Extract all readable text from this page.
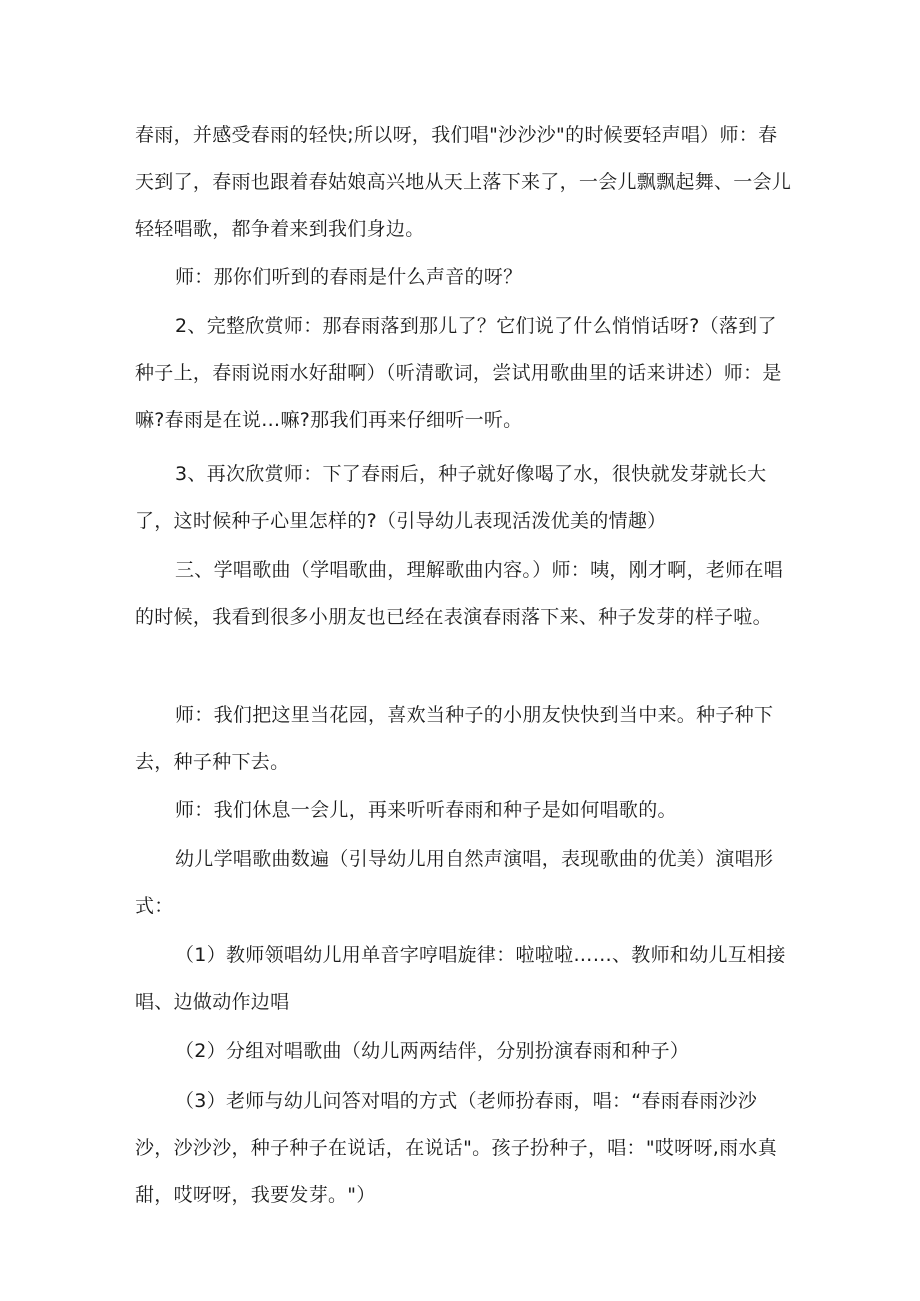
春雨，并感受春雨的轻快;所以呀，我们唱"沙沙沙"的时候要轻声唱）师：春天到了，春雨也跟着春姑娘高兴地从天上落下来了，一会儿飘飘起舞、一会儿轻轻唱歌，都争着来到我们身边。

师：那你们听到的春雨是什么声音的呀？

2、完整欣赏师：那春雨落到那儿了？它们说了什么悄悄话呀?（落到了种子上，春雨说雨水好甜啊）（听清歌词，尝试用歌曲里的话来讲述）师：是嘛?春雨是在说…嘛?那我们再来仔细听一听。

3、再次欣赏师：下了春雨后，种子就好像喝了水，很快就发芽就长大了，这时候种子心里怎样的?（引导幼儿表现活泼优美的情趣）

三、学唱歌曲（学唱歌曲，理解歌曲内容。）师：咦，刚才啊，老师在唱的时候，我看到很多小朋友也已经在表演春雨落下来、种子发芽的样子啦。

师：我们把这里当花园，喜欢当种子的小朋友快快到当中来。种子种下去，种子种下去。

师：我们休息一会儿，再来听听春雨和种子是如何唱歌的。

幼儿学唱歌曲数遍（引导幼儿用自然声演唱，表现歌曲的优美）演唱形式：

（1）教师领唱幼儿用单音字哼唱旋律：啦啦啦……、教师和幼儿互相接唱、边做动作边唱

（2）分组对唱歌曲（幼儿两两结伴，分别扮演春雨和种子）

（3）老师与幼儿问答对唱的方式（老师扮春雨，唱：“春雨春雨沙沙沙，沙沙沙，种子种子在说话，在说话"。孩子扮种子，唱："哎呀呀,雨水真甜，哎呀呀，我要发芽。"）
